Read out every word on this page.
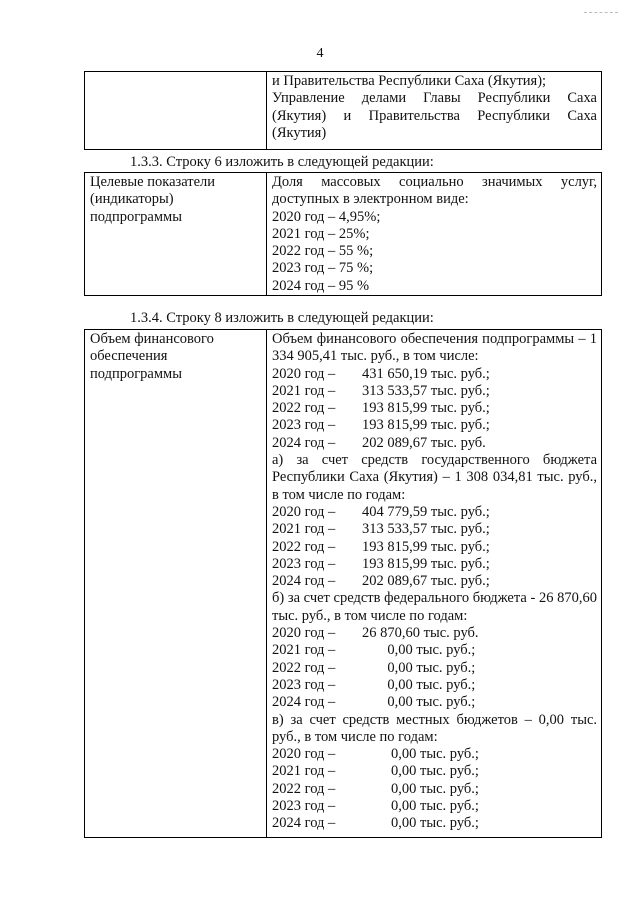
4

и Правительства Республики Саха (Якутия);
Управление делами Главы Республики Саха (Якутия) и Правительства Республики Саха (Якутия)
1.3.3. Строку 6 изложить в следующей редакции:
Целевые показатели
(индикаторы)
подпрограммы

Доля массовых социально значимых услуг, доступных в электронном виде:
2020 год – 4,95%;
2021 год – 25%;
2022 год – 55 %;
2023 год – 75 %;
2024 год – 95 %
1.3.4. Строку 8 изложить в следующей редакции:
Объем финансового
обеспечения
подпрограммы

Объем финансового обеспечения подпрограммы – 1 334 905,41 тыс. руб., в том числе:
2020 год –	431 650,19 тыс. руб.;
2021 год –	313 533,57 тыс. руб.;
2022 год –	193 815,99 тыс. руб.;
2023 год –	193 815,99 тыс. руб.;
2024 год –	202 089,67 тыс. руб.
а) за счет средств государственного бюджета Республики Саха (Якутия) – 1 308 034,81 тыс. руб., в том числе по годам:
2020 год –	404 779,59 тыс. руб.;
2021 год –	313 533,57 тыс. руб.;
2022 год –	193 815,99 тыс. руб.;
2023 год –	193 815,99 тыс. руб.;
2024 год –	202 089,67 тыс. руб.;
б) за счет средств федерального бюджета - 26 870,60 тыс. руб., в том числе по годам:
2020 год –	26 870,60 тыс. руб.
2021 год –	0,00 тыс. руб.;
2022 год –	0,00 тыс. руб.;
2023 год –	0,00 тыс. руб.;
2024 год –	0,00 тыс. руб.;
в) за счет средств местных бюджетов – 0,00 тыс. руб., в том числе по годам:
2020 год –	0,00 тыс. руб.;
2021 год –	0,00 тыс. руб.;
2022 год –	0,00 тыс. руб.;
2023 год –	0,00 тыс. руб.;
2024 год –	0,00 тыс. руб.;
